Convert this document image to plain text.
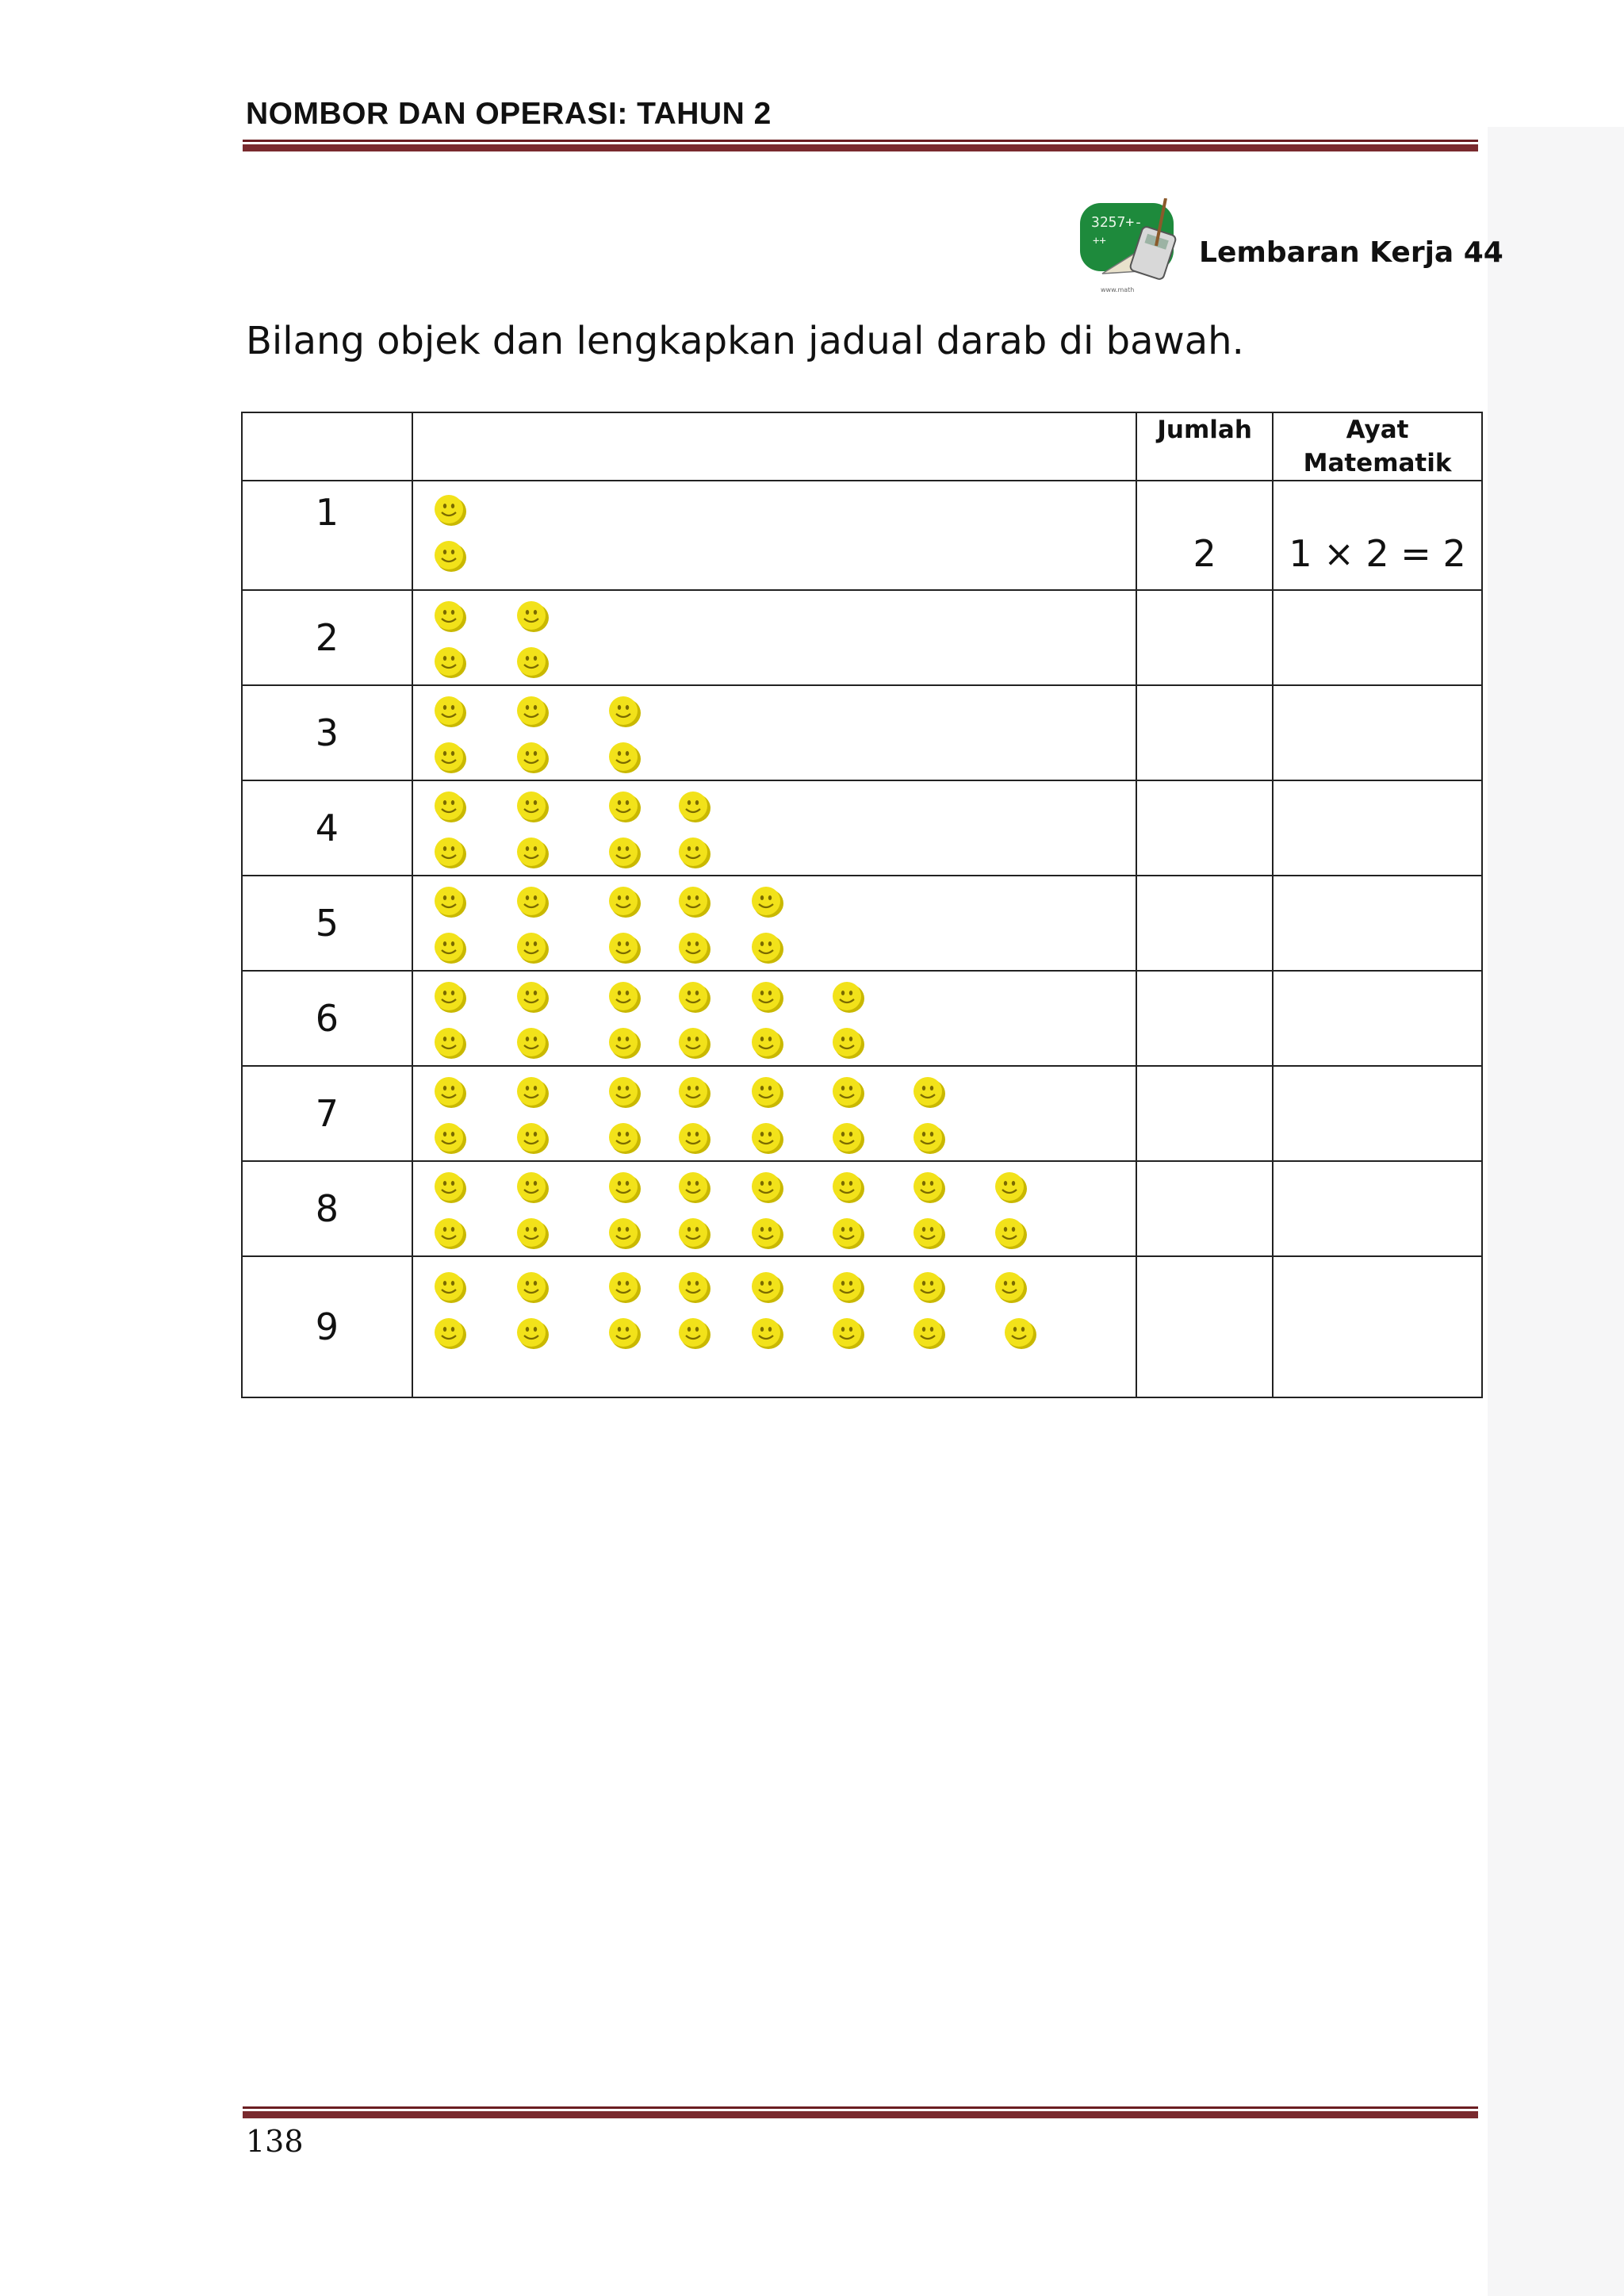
NOMBOR DAN OPERASI: TAHUN 2
3257+-
++
www.math
Lembaran Kerja 44
Bilang objek dan lengkapkan jadual darab di bawah.
		Jumlah	Ayat
Matematik

1		2	1 × 2 = 2
2	

3	

4	

5	

6	

7	

8	

9	

138
